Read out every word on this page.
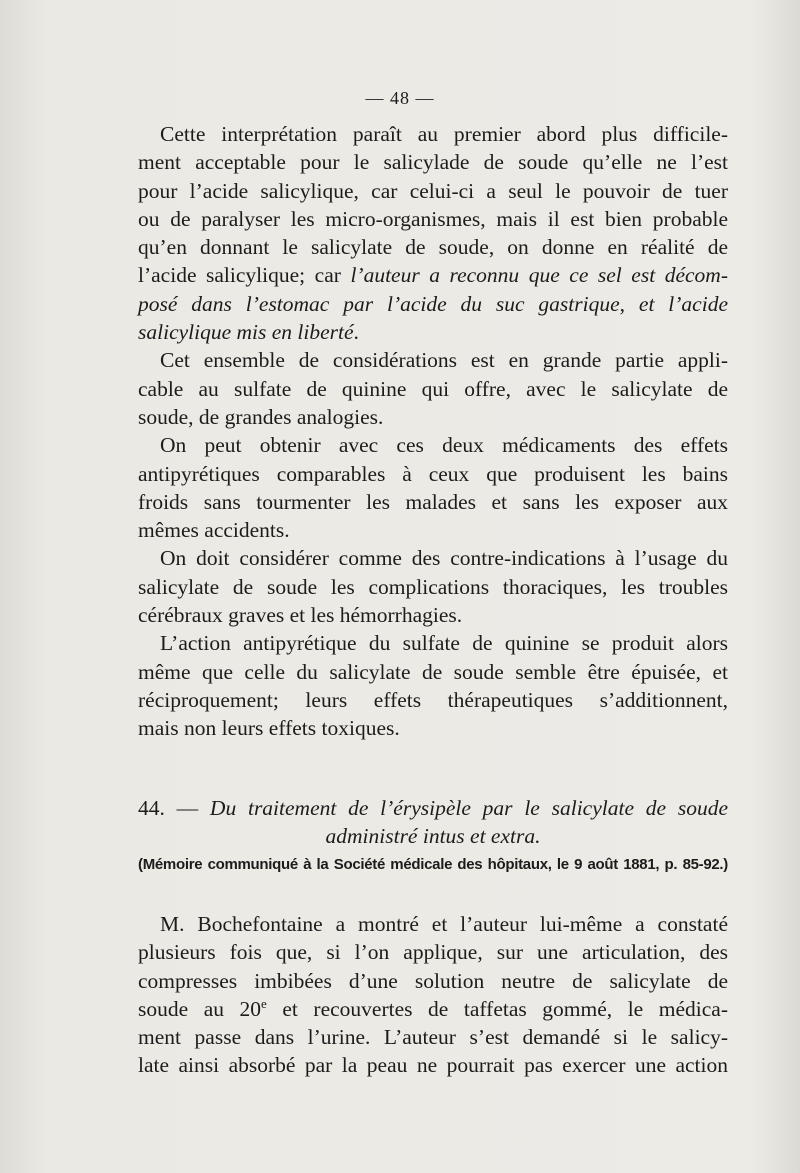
— 48 —
Cette interprétation paraît au premier abord plus difficile-
ment acceptable pour le salicylade de soude qu’elle ne l’est
pour l’acide salicylique, car celui-ci a seul le pouvoir de tuer
ou de paralyser les micro-organismes, mais il est bien probable
qu’en donnant le salicylate de soude, on donne en réalité de
l’acide salicylique; car l’auteur a reconnu que ce sel est décom-
posé dans l’estomac par l’acide du suc gastrique, et l’acide
salicylique mis en liberté.
Cet ensemble de considérations est en grande partie appli-
cable au sulfate de quinine qui offre, avec le salicylate de
soude, de grandes analogies.
On peut obtenir avec ces deux médicaments des effets
antipyrétiques comparables à ceux que produisent les bains
froids sans tourmenter les malades et sans les exposer aux
mêmes accidents.
On doit considérer comme des contre-indications à l’usage du
salicylate de soude les complications thoraciques, les troubles
cérébraux graves et les hémorrhagies.
L’action antipyrétique du sulfate de quinine se produit alors
même que celle du salicylate de soude semble être épuisée, et
réciproquement; leurs effets thérapeutiques s’additionnent,
mais non leurs effets toxiques.
44. — Du traitement de l’érysipèle par le salicylate de soude
administré intus et extra.
(Mémoire communiqué à la Société médicale des hôpitaux, le 9 août 1881, p. 85-92.)
M. Bochefontaine a montré et l’auteur lui-même a constaté
plusieurs fois que, si l’on applique, sur une articulation, des
compresses imbibées d’une solution neutre de salicylate de
soude au 20e et recouvertes de taffetas gommé, le médica-
ment passe dans l’urine. L’auteur s’est demandé si le salicy-
late ainsi absorbé par la peau ne pourrait pas exercer une action
